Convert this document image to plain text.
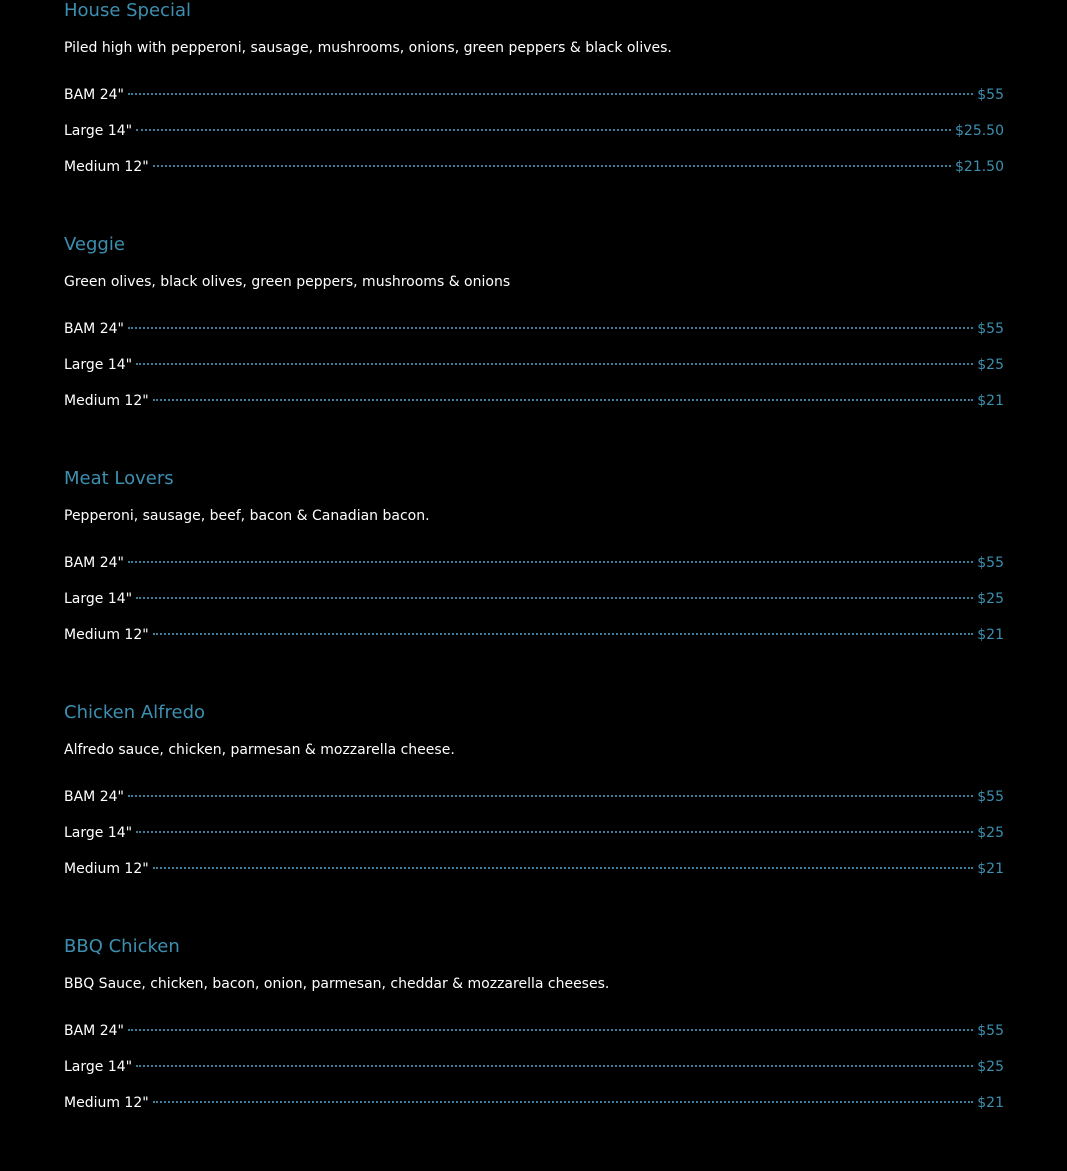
House Special
Piled high with pepperoni, sausage, mushrooms, onions, green peppers & black olives.
BAM 24"	$55
Large 14"	$25.50
Medium 12"	$21.50
Veggie
Green olives, black olives, green peppers, mushrooms & onions
BAM 24"	$55
Large 14"	$25
Medium 12"	$21
Meat Lovers
Pepperoni, sausage, beef, bacon & Canadian bacon.
BAM 24"	$55
Large 14"	$25
Medium 12"	$21
Chicken Alfredo
Alfredo sauce, chicken, parmesan & mozzarella cheese.
BAM 24"	$55
Large 14"	$25
Medium 12"	$21
BBQ Chicken
BBQ Sauce, chicken, bacon, onion, parmesan, cheddar & mozzarella cheeses.
BAM 24"	$55
Large 14"	$25
Medium 12"	$21
